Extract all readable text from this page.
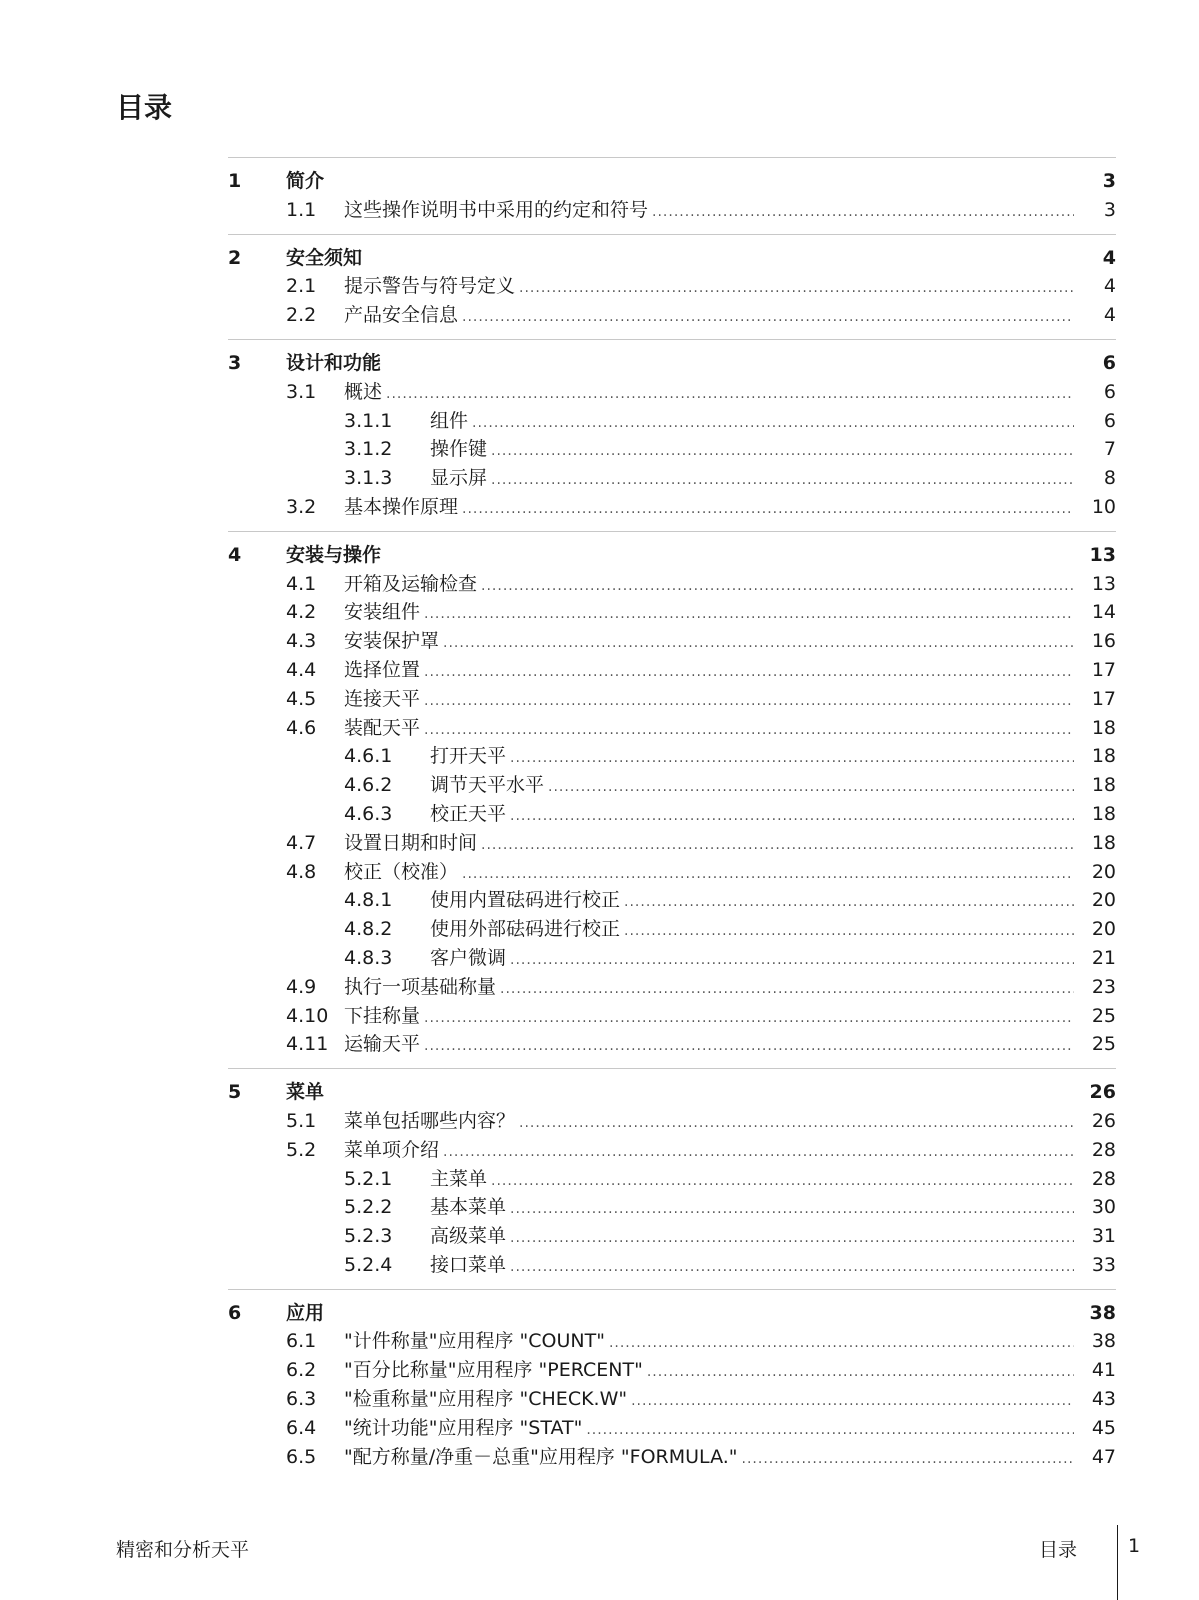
目录
1	简介	3
1.1	这些操作说明书中采用的约定和符号 .....	3
2	安全须知	4
2.1	提示警告与符号定义 .....	4
2.2	产品安全信息 .....	4
3	设计和功能	6
3.1	概述 .....	6
3.1.1	组件 .....	6
3.1.2	操作键 .....	7
3.1.3	显示屏 .....	8
3.2	基本操作原理 .....	10
4	安装与操作	13
4.1	开箱及运输检查 .....	13
4.2	安装组件 .....	14
4.3	安装保护罩 .....	16
4.4	选择位置 .....	17
4.5	连接天平 .....	17
4.6	装配天平 .....	18
4.6.1	打开天平 .....	18
4.6.2	调节天平水平 .....	18
4.6.3	校正天平 .....	18
4.7	设置日期和时间 .....	18
4.8	校正（校准） .....	20
4.8.1	使用内置砝码进行校正 .....	20
4.8.2	使用外部砝码进行校正 .....	20
4.8.3	客户微调 .....	21
4.9	执行一项基础称量 .....	23
4.10 下挂称量 .....	25
4.11 运输天平 .....	25
5	菜单	26
5.1	菜单包括哪些内容？ .....	26
5.2	菜单项介绍 .....	28
5.2.1	主菜单 .....	28
5.2.2	基本菜单 .....	30
5.2.3	高级菜单 .....	31
5.2.4	接口菜单 .....	33
6	应用	38
6.1	"计件称量"应用程序 "COUNT" .....	38
6.2	"百分比称量"应用程序 "PERCENT" .....	41
6.3	"检重称量"应用程序 "CHECK.W" .....	43
6.4	"统计功能"应用程序 "STAT" .....	45
6.5	"配方称量/净重－总重"应用程序 "FORMULA." .....	47
精密和分析天平	目录	1
